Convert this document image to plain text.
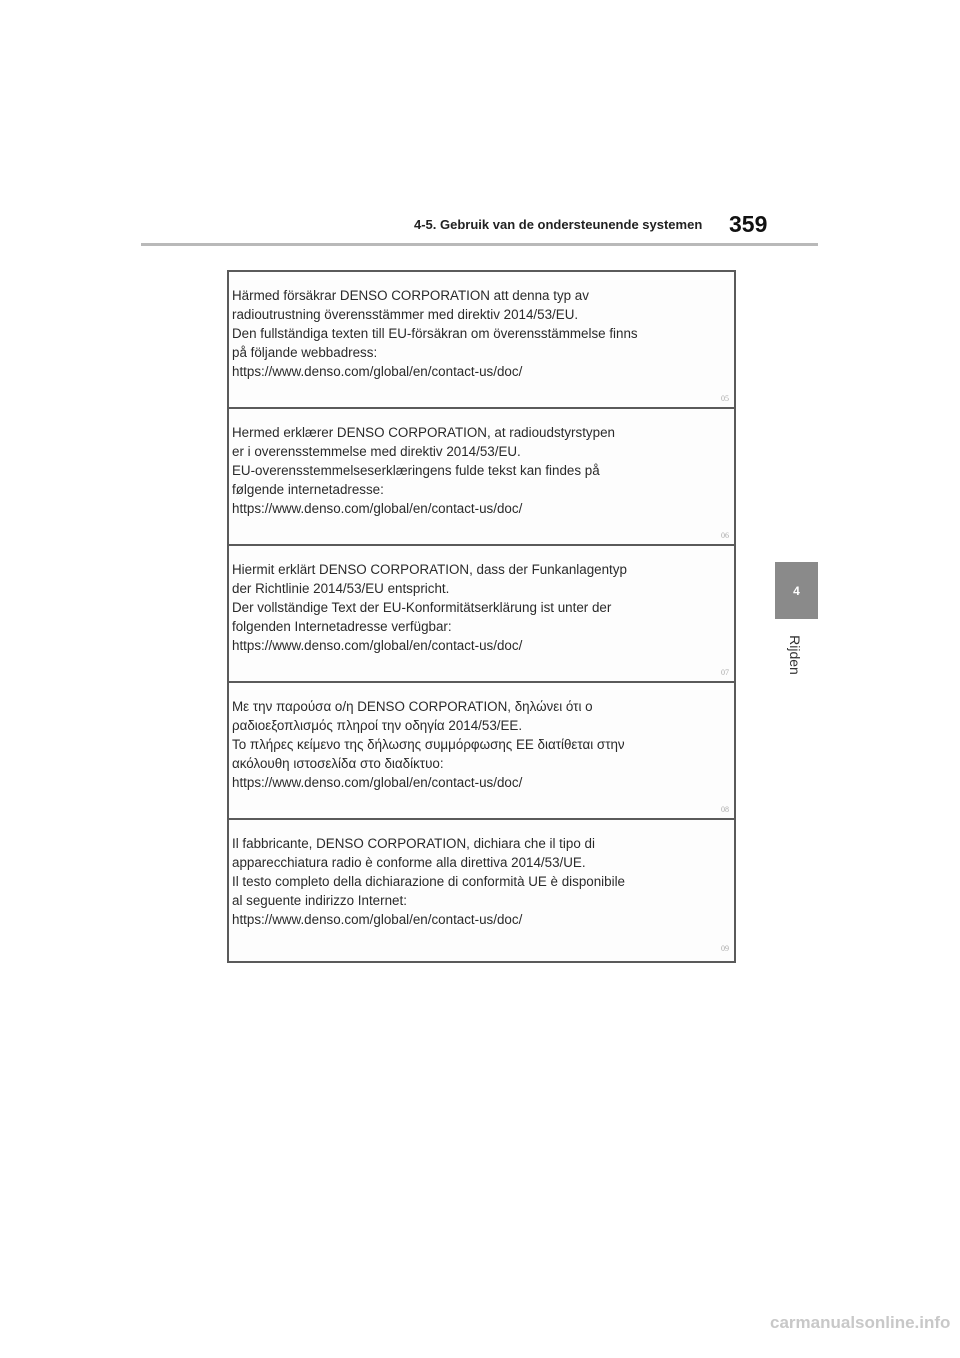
4-5. Gebruik van de ondersteunende systemen 359
4
Rijden
Härmed försäkrar DENSO CORPORATION att denna typ av
radioutrustning överensstämmer med direktiv 2014/53/EU.
Den fullständiga texten till EU-försäkran om överensstämmelse finns
på följande webbadress:
https://www.denso.com/global/en/contact-us/doc/
05
Hermed erklærer DENSO CORPORATION, at radioudstyrstypen
er i overensstemmelse med direktiv 2014/53/EU.
EU-overensstemmelseserklæringens fulde tekst kan findes på
følgende internetadresse:
https://www.denso.com/global/en/contact-us/doc/
06
Hiermit erklärt DENSO CORPORATION, dass der Funkanlagentyp
der Richtlinie 2014/53/EU entspricht.
Der vollständige Text der EU-Konformitätserklärung ist unter der
folgenden Internetadresse verfügbar:
https://www.denso.com/global/en/contact-us/doc/
07
Με την παρούσα ο/η DENSO CORPORATION, δηλώνει ότι ο
ραδιοεξοπλισμός πληροί την οδηγία 2014/53/ΕΕ.
Το πλήρες κείμενο της δήλωσης συμμόρφωσης ΕΕ διατίθεται στην
ακόλουθη ιστοσελίδα στο διαδίκτυο:
https://www.denso.com/global/en/contact-us/doc/
08
Il fabbricante, DENSO CORPORATION, dichiara che il tipo di
apparecchiatura radio è conforme alla direttiva 2014/53/UE.
Il testo completo della dichiarazione di conformità UE è disponibile
al seguente indirizzo Internet:
https://www.denso.com/global/en/contact-us/doc/
09
carmanualsonline.info
